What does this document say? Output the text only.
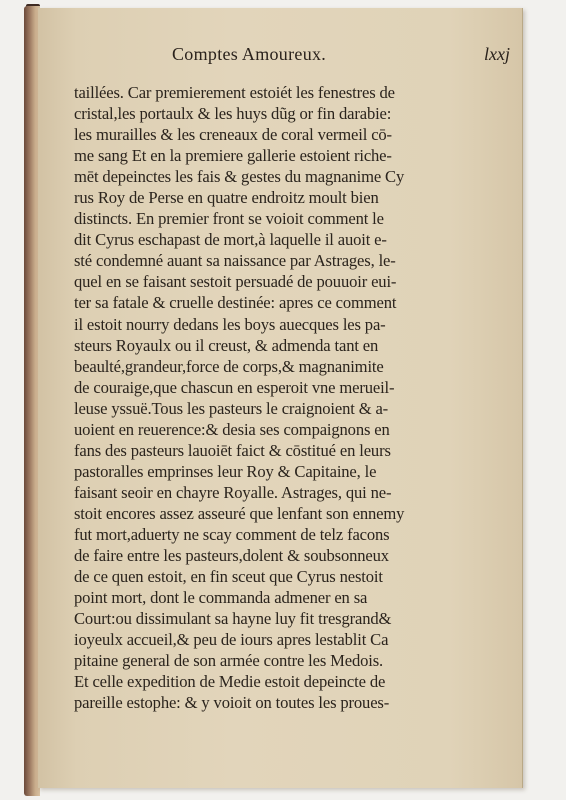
Comptes Amoureux.	lxxj
taillées. Car premierement estoiét les fenestres de
cristal,les portaulx & les huys dũg or fin darabie:
les murailles & les creneaux de coral vermeil cō-
me sang Et en la premiere gallerie estoient riche-
mēt depeinctes les fais & gestes du magnanime Cy
rus Roy de Perse en quatre endroitz moult bien
distincts. En premier front se voioit comment le
dit Cyrus eschapast de mort,à laquelle il auoit e-
sté condemné auant sa naissance par Astrages, le-
quel en se faisant sestoit persuadé de pouuoir eui-
ter sa fatale & cruelle destinée: apres ce comment
il estoit nourry dedans les boys auecques les pa-
steurs Royaulx ou il creust, & admenda tant en
beaulté,grandeur,force de corps,& magnanimite
de couraige,que chascun en esperoit vne merueil-
leuse yssuë.Tous les pasteurs le craignoient & a-
uoient en reuerence:& desia ses compaignons en
fans des pasteurs lauoiēt faict & cōstitué en leurs
pastoralles emprinses leur Roy & Capitaine, le
faisant seoir en chayre Royalle. Astrages, qui ne-
stoit encores assez asseuré que lenfant son ennemy
fut mort,aduerty ne scay comment de telz facons
de faire entre les pasteurs,dolent & soubsonneux
de ce quen estoit, en fin sceut que Cyrus nestoit
point mort, dont le commanda admener en sa
Court:ou dissimulant sa hayne luy fit tresgrand&
ioyeulx accueil,& peu de iours apres lestablit Ca
pitaine general de son armée contre les Medois.
Et celle expedition de Medie estoit depeincte de
pareille estophe: & y voioit on toutes les proues-
